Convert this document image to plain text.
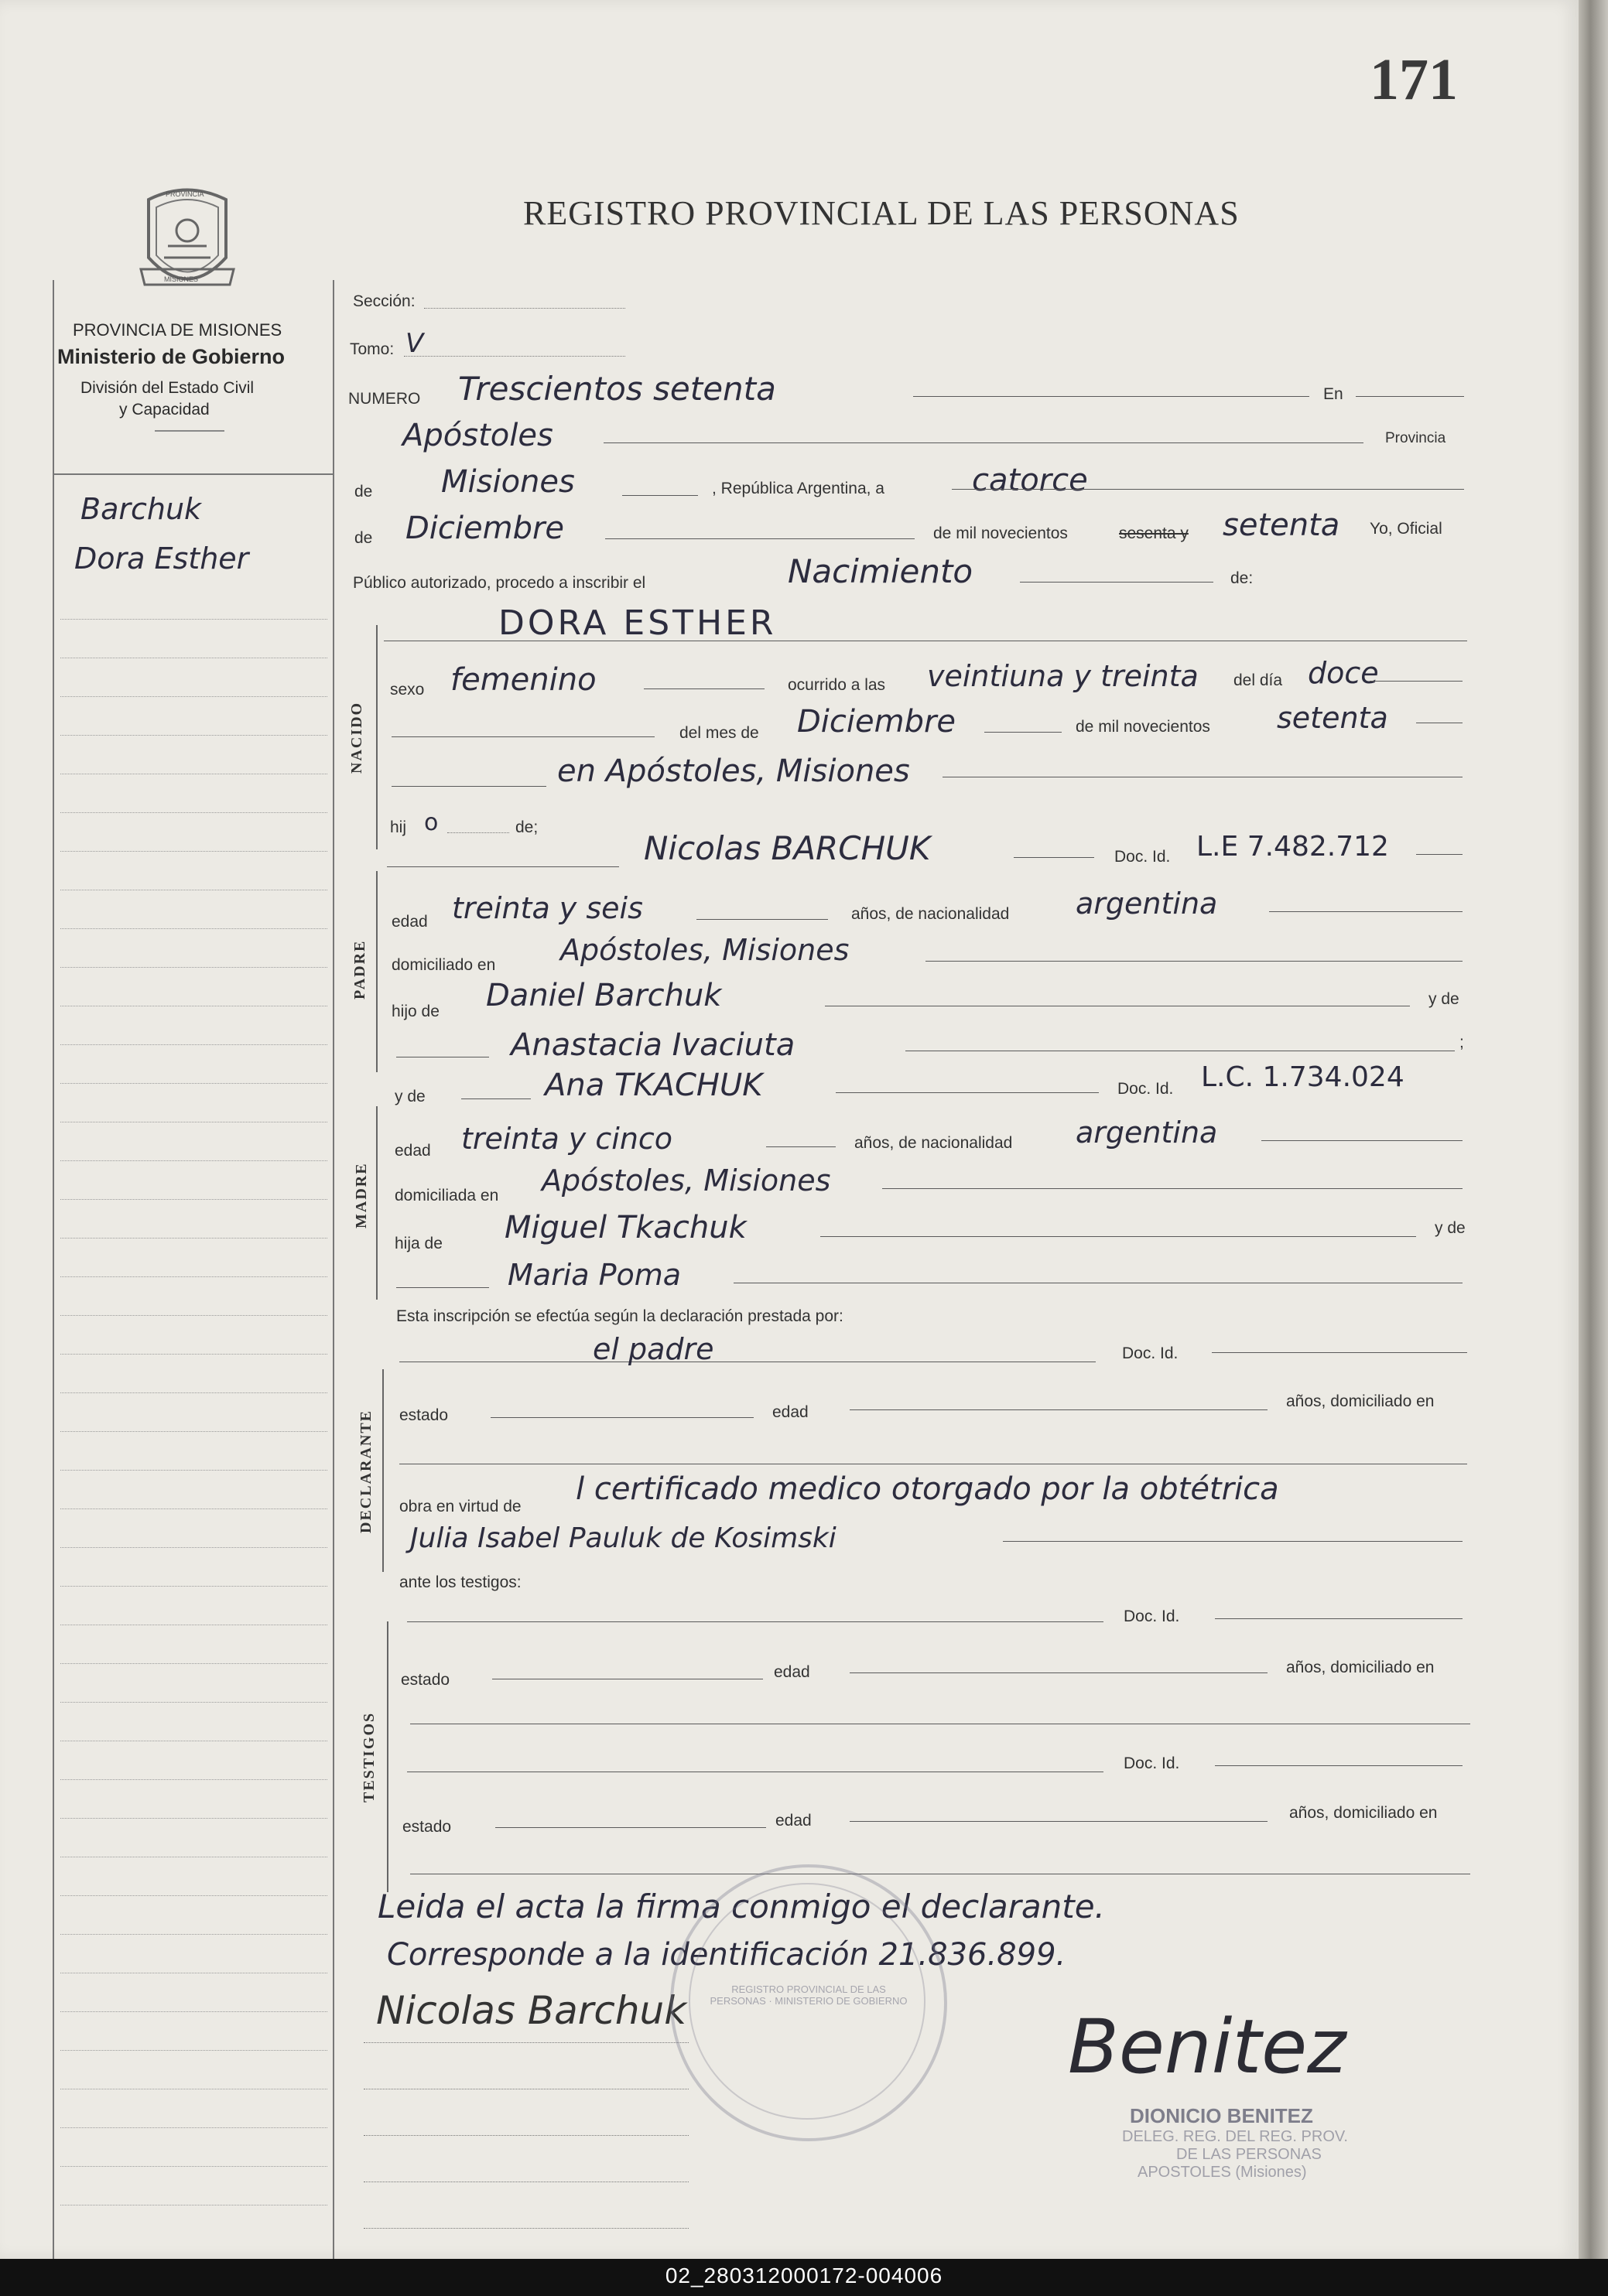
171
REGISTRO PROVINCIAL DE LAS PERSONAS
PROVINCIA
MISIONES
PROVINCIA DE MISIONES
Ministerio de Gobierno
División del Estado Civil
y Capacidad
Barchuk
Dora Esther
Sección:
Tomo: V
NUMERO Trescientos setenta	En
Apóstoles	Provincia
de Misiones	, República Argentina, a	catorce
de Diciembre	de mil novecientos	sesenta y setenta Yo, Oficial
Público autorizado, procedo a inscribir el	Nacimiento	de:
NACIDO
DORA ESTHER
sexo femenino	ocurrido a las veintiuna y treinta del día doce
del mes de Diciembre	de mil novecientos setenta
en Apóstoles, Misiones
hij o	de;
Nicolas BARCHUK	Doc. Id. L.E 7.482.712
PADRE
edad treinta y seis	años, de nacionalidad argentina
domiciliado en Apóstoles, Misiones
hijo de Daniel Barchuk	y de
Anastacia Ivaciuta	;
y de	Ana TKACHUK	Doc. Id. L.C. 1.734.024
MADRE
edad treinta y cinco	años, de nacionalidad argentina
domiciliada en Apóstoles, Misiones
hija de Miguel Tkachuk	y de
Maria Poma
Esta inscripción se efectúa según la declaración prestada por:
el padre	Doc. Id.
DECLARANTE estado	edad
años, domiciliado en
obra en virtud de l certificado medico otorgado por la obtétrica
Julia Isabel Pauluk de Kosimski
ante los testigos:
Doc. Id.
TESTIGOS
estado	edad	años, domiciliado en
Doc. Id.
estado	edad	años, domiciliado en
Leida el acta la firma conmigo el declarante.
Corresponde a la identificación 21.836.899.
Nicolas Barchuk	REGISTRO PROVINCIAL DE LAS PERSONAS · MINISTERIO DE GOBIERNO
Benitez
DIONICIO BENITEZ
DELEG. REG. DEL REG. PROV.
DE LAS PERSONAS
APOSTOLES (Misiones)
02_280312000172-004006
